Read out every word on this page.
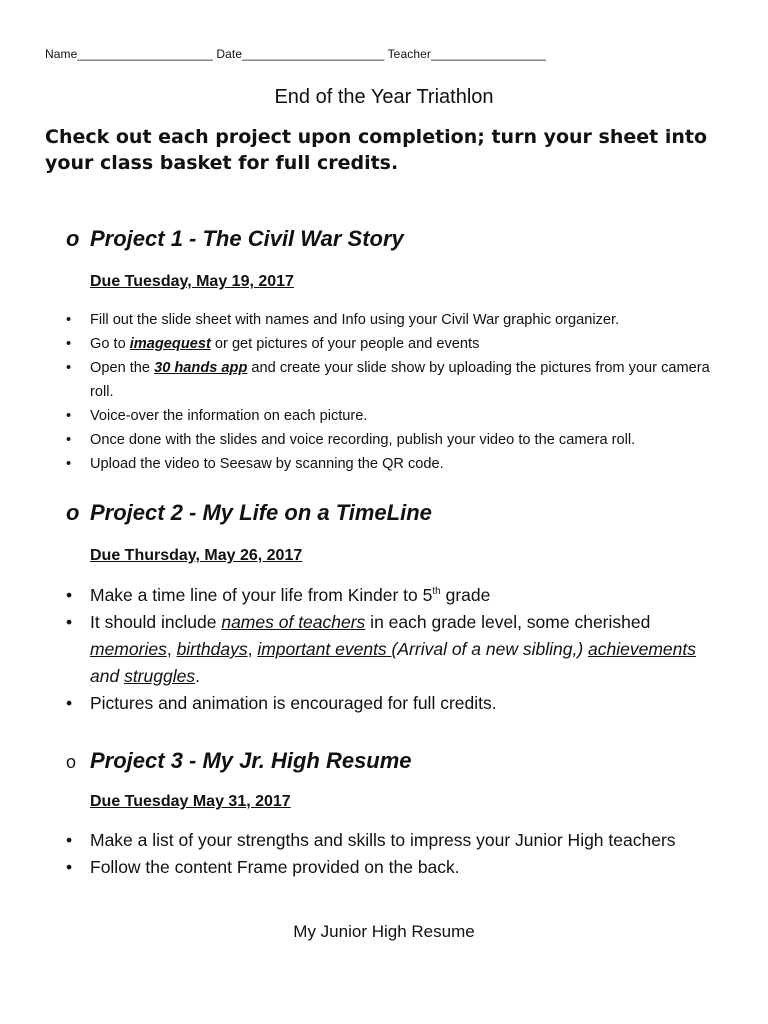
Name____________________ Date_____________________ Teacher_________________
End of the Year Triathlon
Check out each project upon completion; turn your sheet into your class basket for full credits.
o Project 1 - The Civil War Story
Due Tuesday, May 19, 2017
• Fill out the slide sheet with names and Info using your Civil War graphic organizer.
• Go to imagequest or get pictures of your people and events
• Open the 30 hands app and create your slide show by uploading the pictures from your camera roll.
• Voice-over the information on each picture.
• Once done with the slides and voice recording, publish your video to the camera roll.
• Upload the video to Seesaw by scanning the QR code.
o Project 2 - My Life on a TimeLine
Due Thursday, May 26, 2017
• Make a time line of your life from Kinder to 5th grade
• It should include names of teachers in each grade level, some cherished memories, birthdays, important events (Arrival of a new sibling,) achievements and struggles.
• Pictures and animation is encouraged for full credits.
o Project 3 - My Jr. High Resume
Due Tuesday May 31, 2017
• Make a list of your strengths and skills to impress your Junior High teachers
• Follow the content Frame provided on the back.
My Junior High Resume
